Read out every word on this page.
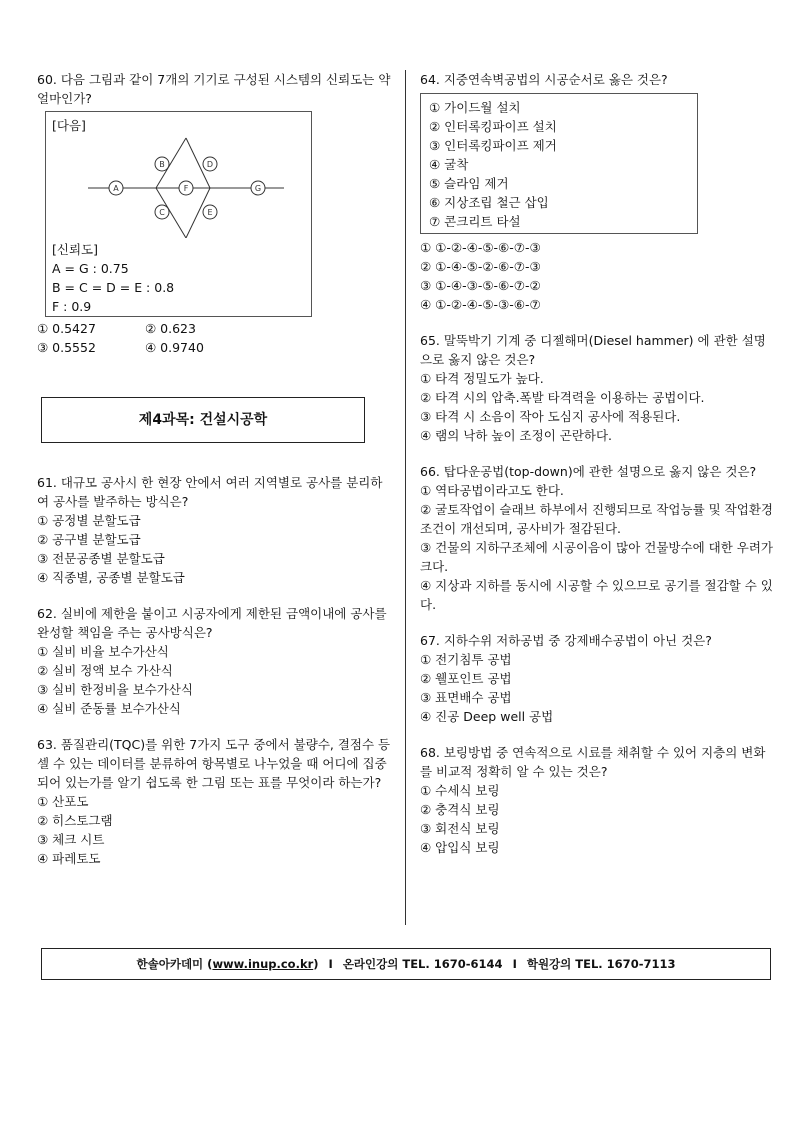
60. 다음 그림과 같이 7개의 기기로 구성된 시스템의 신뢰도는 약 얼마인가?

[다음]
A
B
C
D
E
F	G
[신뢰도]
A = G : 0.75
B = C = D = E : 0.8
F : 0.9
① 0.5427	② 0.623
③ 0.5552	④ 0.9740
제4과목: 건설시공학

61. 대규모 공사시 한 현장 안에서 여러 지역별로 공사를 분리하여 공사를 발주하는 방식은?

① 공정별 분할도급

② 공구별 분할도급

③ 전문공종별 분할도급

④ 직종별, 공종별 분할도급

62. 실비에 제한을 붙이고 시공자에게 제한된 금액이내에 공사를 완성할 책임을 주는 공사방식은?

① 실비 비율 보수가산식

② 실비 정액 보수 가산식

③ 실비 한정비율 보수가산식

④ 실비 준동률 보수가산식

63. 품질관리(TQC)를 위한 7가지 도구 중에서 불량수, 결점수 등 셀 수 있는 데이터를 분류하여 항목별로 나누었을 때 어디에 집중되어 있는가를 알기 쉽도록 한 그림 또는 표를 무엇이라 하는가?

① 산포도

② 히스토그램

③ 체크 시트

④ 파레토도

64. 지중연속벽공법의 시공순서로 옳은 것은?

① 가이드월 설치

② 인터록킹파이프 설치

③ 인터록킹파이프 제거

④ 굴착

⑤ 슬라임 제거

⑥ 지상조립 철근 삽입

⑦ 콘크리트 타설

① ①-②-④-⑤-⑥-⑦-③

② ①-④-⑤-②-⑥-⑦-③

③ ①-④-③-⑤-⑥-⑦-②

④ ①-②-④-⑤-③-⑥-⑦

65. 말뚝박기 기계 중 디젤해머(Diesel hammer) 에 관한 설명으로 옳지 않은 것은?

① 타격 정밀도가 높다.

② 타격 시의 압축.폭발 타격력을 이용하는 공법이다.

③ 타격 시 소음이 작아 도심지 공사에 적용된다.

④ 램의 낙하 높이 조정이 곤란하다.

66. 탑다운공법(top-down)에 관한 설명으로 옳지 않은 것은?

① 역타공법이라고도 한다.

② 굴토작업이 슬래브 하부에서 진행되므로 작업능률 및 작업환경 조건이 개선되며, 공사비가 절감된다.

③ 건물의 지하구조체에 시공이음이 많아 건물방수에 대한 우려가 크다.

④ 지상과 지하를 동시에 시공할 수 있으므로 공기를 절감할 수 있다.

67. 지하수위 저하공법 중 강제배수공법이 아닌 것은?

① 전기침투 공법

② 웰포인트 공법

③ 표면배수 공법

④ 진공 Deep well 공법

68. 보링방법 중 연속적으로 시료를 채취할 수 있어 지층의 변화를 비교적 정확히 알 수 있는 것은?

① 수세식 보링

② 충격식 보링

③ 회전식 보링

④ 압입식 보링

한솔아카데미 ( www.inup.co.kr ) I 온라인강의 TEL. 1670-6144 I 학원강의 TEL. 1670-7113
